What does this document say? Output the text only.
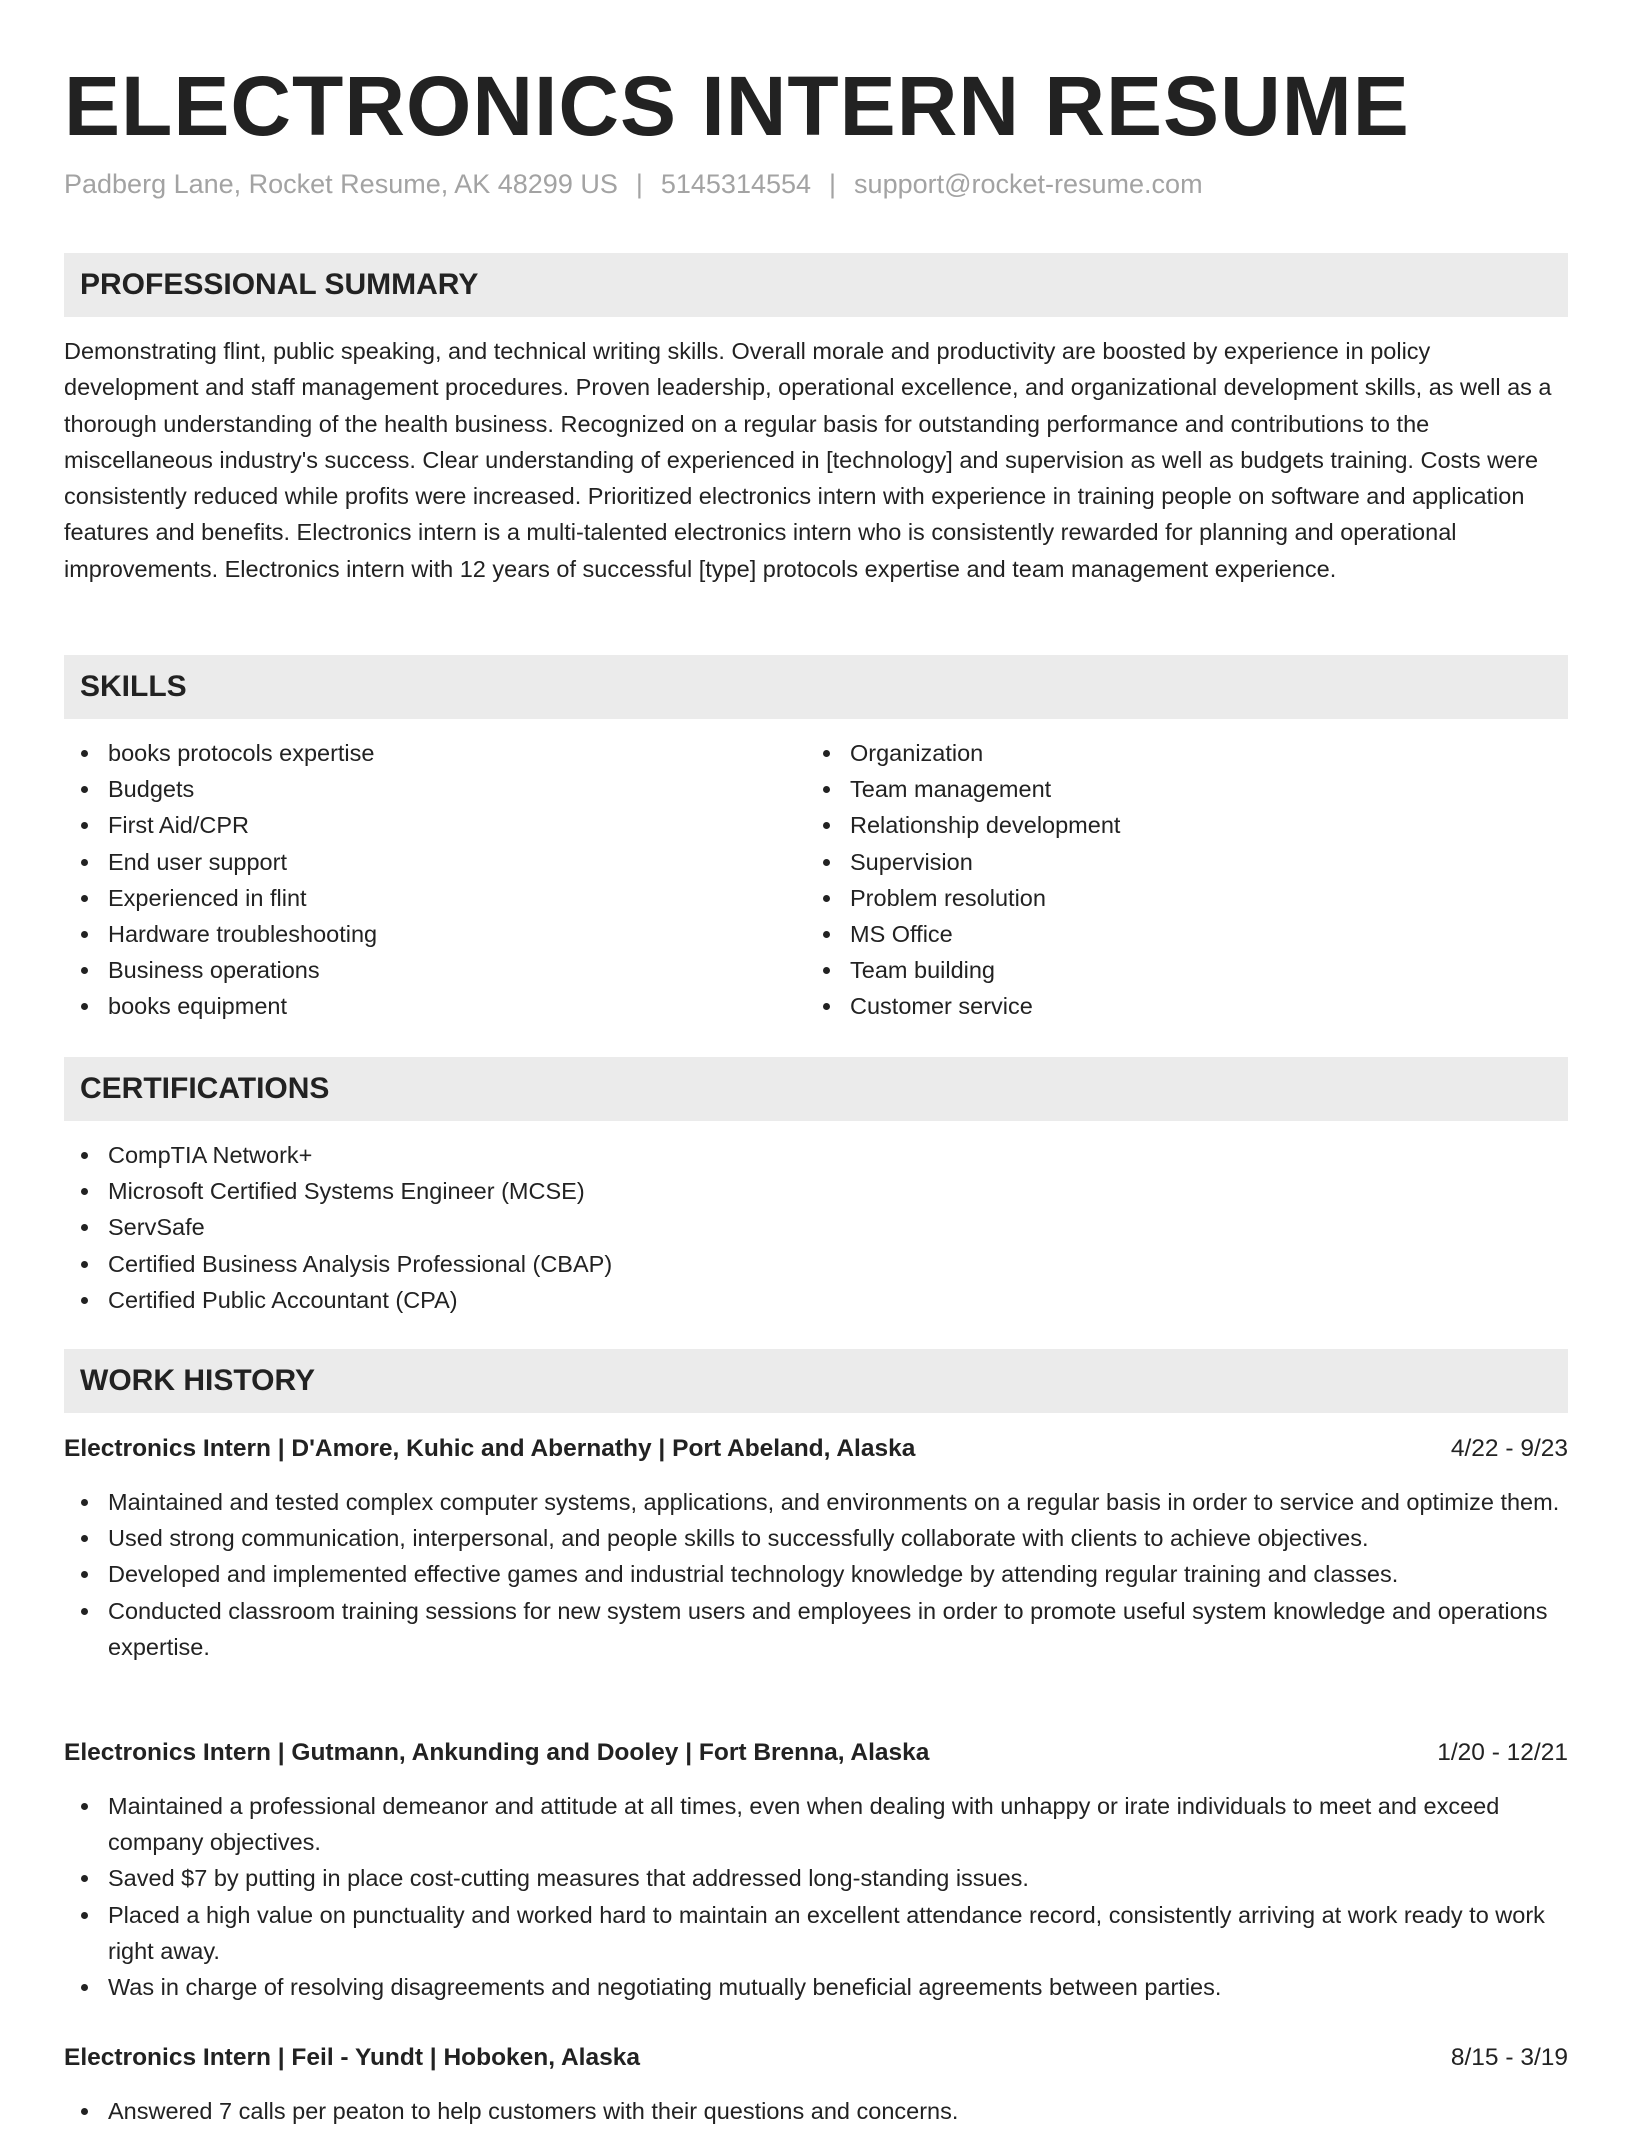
ELECTRONICS INTERN RESUME
Padberg Lane, Rocket Resume, AK 48299 US | 5145314554 | support@rocket-resume.com
PROFESSIONAL SUMMARY

Demonstrating flint, public speaking, and technical writing skills. Overall morale and productivity are boosted by experience in policy development and staff management procedures. Proven leadership, operational excellence, and organizational development skills, as well as a thorough understanding of the health business. Recognized on a regular basis for outstanding performance and contributions to the miscellaneous industry's success. Clear understanding of experienced in [technology] and supervision as well as budgets training. Costs were consistently reduced while profits were increased. Prioritized electronics intern with experience in training people on software and application features and benefits. Electronics intern is a multi-talented electronics intern who is consistently rewarded for planning and operational improvements. Electronics intern with 12 years of successful [type] protocols expertise and team management experience.

SKILLS
books protocols expertise
Budgets
First Aid/CPR
End user support
Experienced in flint
Hardware troubleshooting
Business operations
books equipment
Organization
Team management
Relationship development
Supervision
Problem resolution
MS Office
Team building
Customer service
CERTIFICATIONS
CompTIA Network+
Microsoft Certified Systems Engineer (MCSE)
ServSafe
Certified Business Analysis Professional (CBAP)
Certified Public Accountant (CPA)
WORK HISTORY
Electronics Intern | D'Amore, Kuhic and Abernathy | Port Abeland, Alaska	4/22 - 9/23
Maintained and tested complex computer systems, applications, and environments on a regular basis in order to service and optimize them.
Used strong communication, interpersonal, and people skills to successfully collaborate with clients to achieve objectives.
Developed and implemented effective games and industrial technology knowledge by attending regular training and classes.
Conducted classroom training sessions for new system users and employees in order to promote useful system knowledge and operations expertise.
Electronics Intern | Gutmann, Ankunding and Dooley | Fort Brenna, Alaska	1/20 - 12/21
Maintained a professional demeanor and attitude at all times, even when dealing with unhappy or irate individuals to meet and exceed company objectives.
Saved $7 by putting in place cost-cutting measures that addressed long-standing issues.
Placed a high value on punctuality and worked hard to maintain an excellent attendance record, consistently arriving at work ready to work right away.
Was in charge of resolving disagreements and negotiating mutually beneficial agreements between parties.
Electronics Intern | Feil - Yundt | Hoboken, Alaska	8/15 - 3/19
Answered 7 calls per peaton to help customers with their questions and concerns.
